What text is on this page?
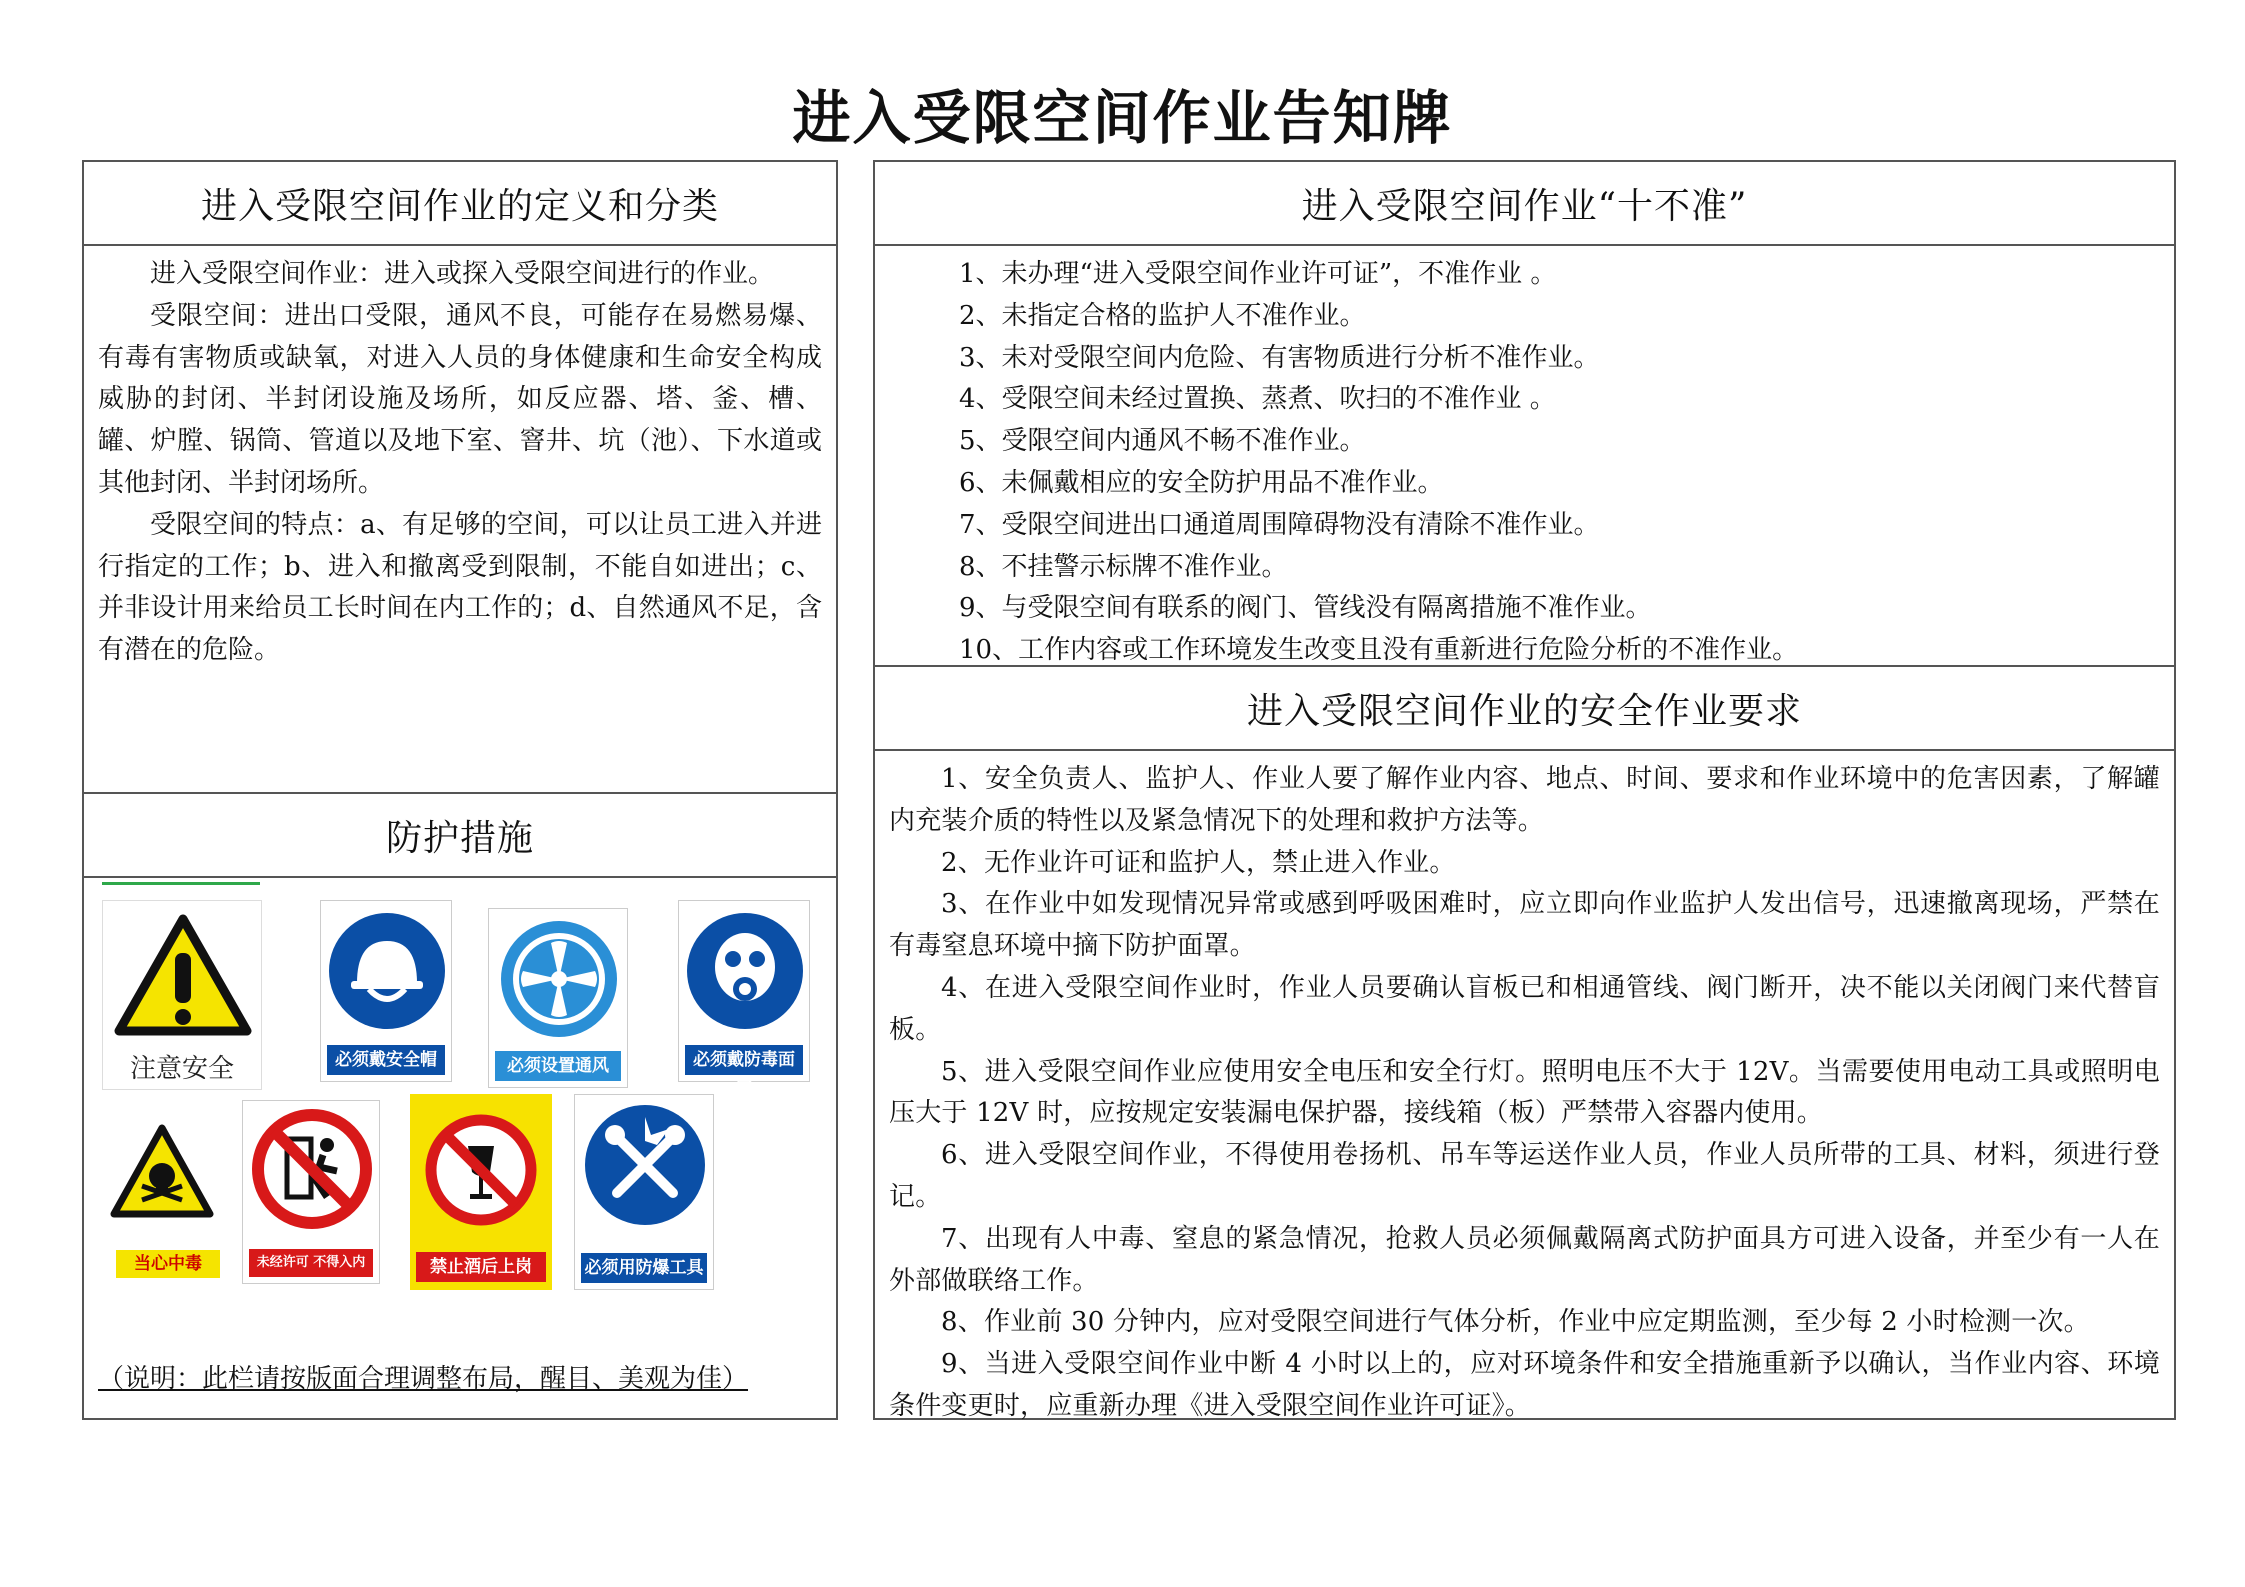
进入受限空间作业告知牌
进入受限空间作业的定义和分类

进入受限空间作业：进入或探入受限空间进行的作业。

受限空间：进出口受限，通风不良，可能存在易燃易爆、有毒有害物质或缺氧，对进入人员的身体健康和生命安全构成威胁的封闭、半封闭设施及场所，如反应器、塔、釜、槽、罐、炉膛、锅筒、管道以及地下室、窨井、坑（池）、下水道或其他封闭、半封闭场所。

受限空间的特点：a、有足够的空间，可以让员工进入并进行指定的工作；b、进入和撤离受到限制，不能自如进出；c、并非设计用来给员工长时间在内工作的；d、自然通风不足，含有潜在的危险。

防护措施
注意安全	必须戴安全帽	必须设置通风	必须戴防毒面罩
当心中毒	未经许可 不得入内	禁止酒后上岗	必须用防爆工具

（说明：此栏请按版面合理调整布局，醒目、美观为佳）

进入受限空间作业“十不准”

1、未办理“进入受限空间作业许可证”，不准作业 。

2、未指定合格的监护人不准作业。

3、未对受限空间内危险、有害物质进行分析不准作业。

4、受限空间未经过置换、蒸煮、吹扫的不准作业 。

5、受限空间内通风不畅不准作业。

6、未佩戴相应的安全防护用品不准作业。

7、受限空间进出口通道周围障碍物没有清除不准作业。

8、不挂警示标牌不准作业。

9、与受限空间有联系的阀门、管线没有隔离措施不准作业。

10、工作内容或工作环境发生改变且没有重新进行危险分析的不准作业。

进入受限空间作业的安全作业要求

1、安全负责人、监护人、作业人要了解作业内容、地点、时间、要求和作业环境中的危害因素，了解罐内充装介质的特性以及紧急情况下的处理和救护方法等。

2、无作业许可证和监护人，禁止进入作业。

3、在作业中如发现情况异常或感到呼吸困难时，应立即向作业监护人发出信号，迅速撤离现场，严禁在有毒窒息环境中摘下防护面罩。

4、在进入受限空间作业时，作业人员要确认盲板已和相通管线、阀门断开，决不能以关闭阀门来代替盲板。

5、进入受限空间作业应使用安全电压和安全行灯。照明电压不大于 12V。当需要使用电动工具或照明电压大于 12V 时，应按规定安装漏电保护器，接线箱（板）严禁带入容器内使用。

6、进入受限空间作业，不得使用卷扬机、吊车等运送作业人员，作业人员所带的工具、材料，须进行登记。

7、出现有人中毒、窒息的紧急情况，抢救人员必须佩戴隔离式防护面具方可进入设备，并至少有一人在外部做联络工作。

8、作业前 30 分钟内，应对受限空间进行气体分析，作业中应定期监测，至少每 2 小时检测一次。

9、当进入受限空间作业中断 4 小时以上的，应对环境条件和安全措施重新予以确认，当作业内容、环境条件变更时，应重新办理《进入受限空间作业许可证》。
